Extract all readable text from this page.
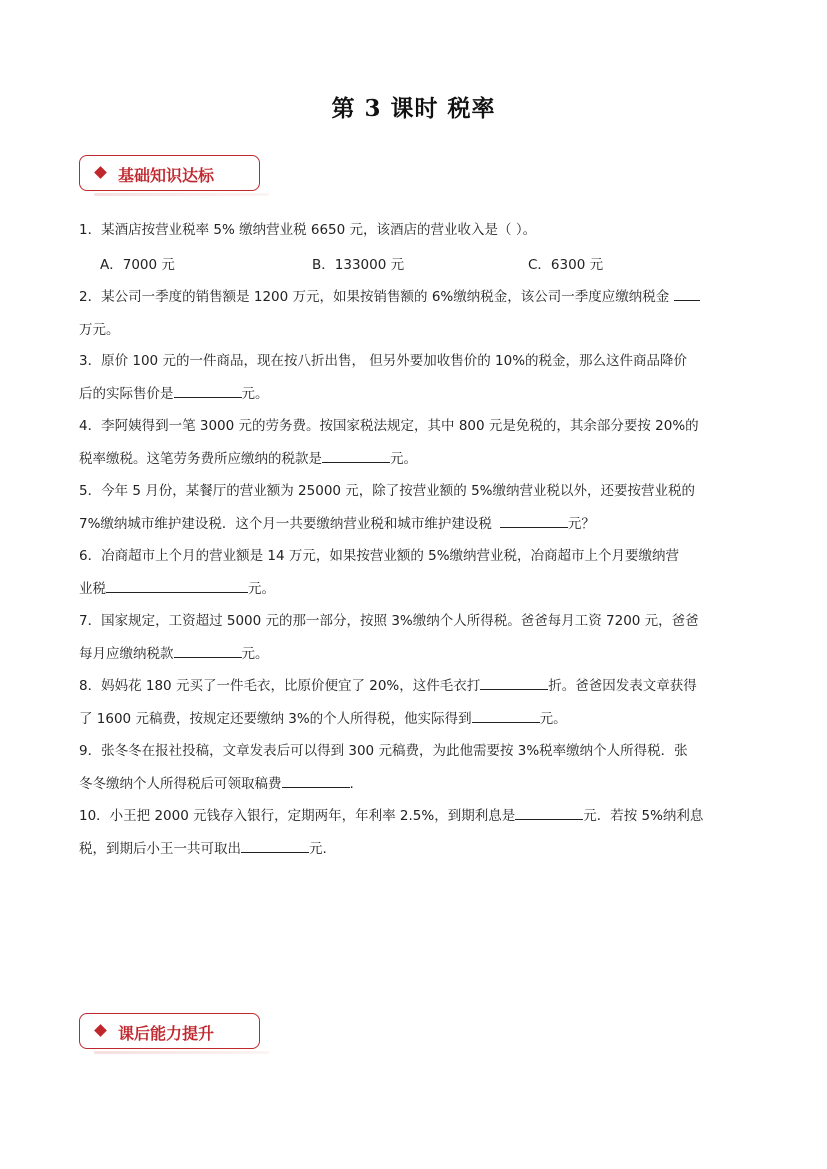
第 3 课时 税率
基础知识达标
1．某酒店按营业税率 5% 缴纳营业税 6650 元，该酒店的营业收入是（ ）。
A．7000 元	B．133000 元	C．6300 元
2．某公司一季度的销售额是 1200 万元，如果按销售额的 6%缴纳税金，该公司一季度应缴纳税金
万元。
3．原价 100 元的一件商品，现在按八折出售， 但另外要加收售价的 10%的税金，那么这件商品降价
后的实际售价是	元。
4．李阿姨得到一笔 3000 元的劳务费。按国家税法规定，其中 800 元是免税的，其余部分要按 20%的
税率缴税。这笔劳务费所应缴纳的税款是	元。
5．今年 5 月份，某餐厅的营业额为 25000 元，除了按营业额的 5%缴纳营业税以外，还要按营业税的
7%缴纳城市维护建设税．这个月一共要缴纳营业税和城市维护建设税	元？
6．冶商超市上个月的营业额是 14 万元，如果按营业额的 5%缴纳营业税，冶商超市上个月要缴纳营
业税	元。
7．国家规定，工资超过 5000 元的那一部分，按照 3%缴纳个人所得税。爸爸每月工资 7200 元，爸爸
每月应缴纳税款	元。
8．妈妈花 180 元买了一件毛衣，比原价便宜了 20%，这件毛衣打	折。爸爸因发表文章获得
了 1600 元稿费，按规定还要缴纳 3%的个人所得税，他实际得到	元。
9．张冬冬在报社投稿，文章发表后可以得到 300 元稿费，为此他需要按 3%税率缴纳个人所得税．张
冬冬缴纳个人所得税后可领取稿费	.
10．小王把 2000 元钱存入银行，定期两年，年利率 2.5%，到期利息是	元．若按 5%纳利息
税，到期后小王一共可取出	元.
课后能力提升
